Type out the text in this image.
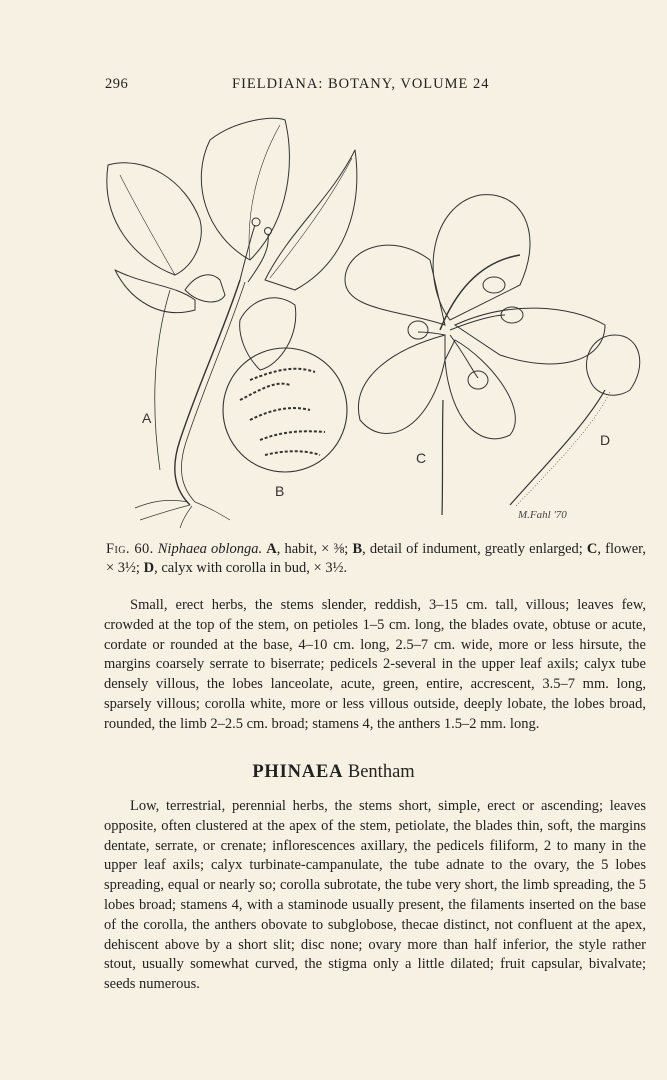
296	FIELDIANA: BOTANY, VOLUME 24
A
B
C
D
M.Fahl '70
Fig. 60. Niphaea oblonga. A, habit, × ⅜; B, detail of indument, greatly enlarged; C, flower, × 3½; D, calyx with corolla in bud, × 3½.

Small, erect herbs, the stems slender, reddish, 3–15 cm. tall, villous; leaves few, crowded at the top of the stem, on petioles 1–5 cm. long, the blades ovate, obtuse or acute, cordate or rounded at the base, 4–10 cm. long, 2.5–7 cm. wide, more or less hirsute, the margins coarsely serrate to biserrate; pedicels 2-several in the upper leaf axils; calyx tube densely villous, the lobes lanceolate, acute, green, entire, accrescent, 3.5–7 mm. long, sparsely villous; corolla white, more or less villous outside, deeply lobate, the lobes broad, rounded, the limb 2–2.5 cm. broad; stamens 4, the anthers 1.5–2 mm. long.

PHINAEA Bentham

Low, terrestrial, perennial herbs, the stems short, simple, erect or ascending; leaves opposite, often clustered at the apex of the stem, petiolate, the blades thin, soft, the margins dentate, serrate, or crenate; inflorescences axillary, the pedicels filiform, 2 to many in the upper leaf axils; calyx turbinate-campanulate, the tube adnate to the ovary, the 5 lobes spreading, equal or nearly so; corolla subrotate, the tube very short, the limb spreading, the 5 lobes broad; stamens 4, with a staminode usually present, the filaments inserted on the base of the corolla, the anthers obovate to subglobose, thecae distinct, not confluent at the apex, dehiscent above by a short slit; disc none; ovary more than half inferior, the style rather stout, usually somewhat curved, the stigma only a little dilated; fruit capsular, bivalvate; seeds numerous.
